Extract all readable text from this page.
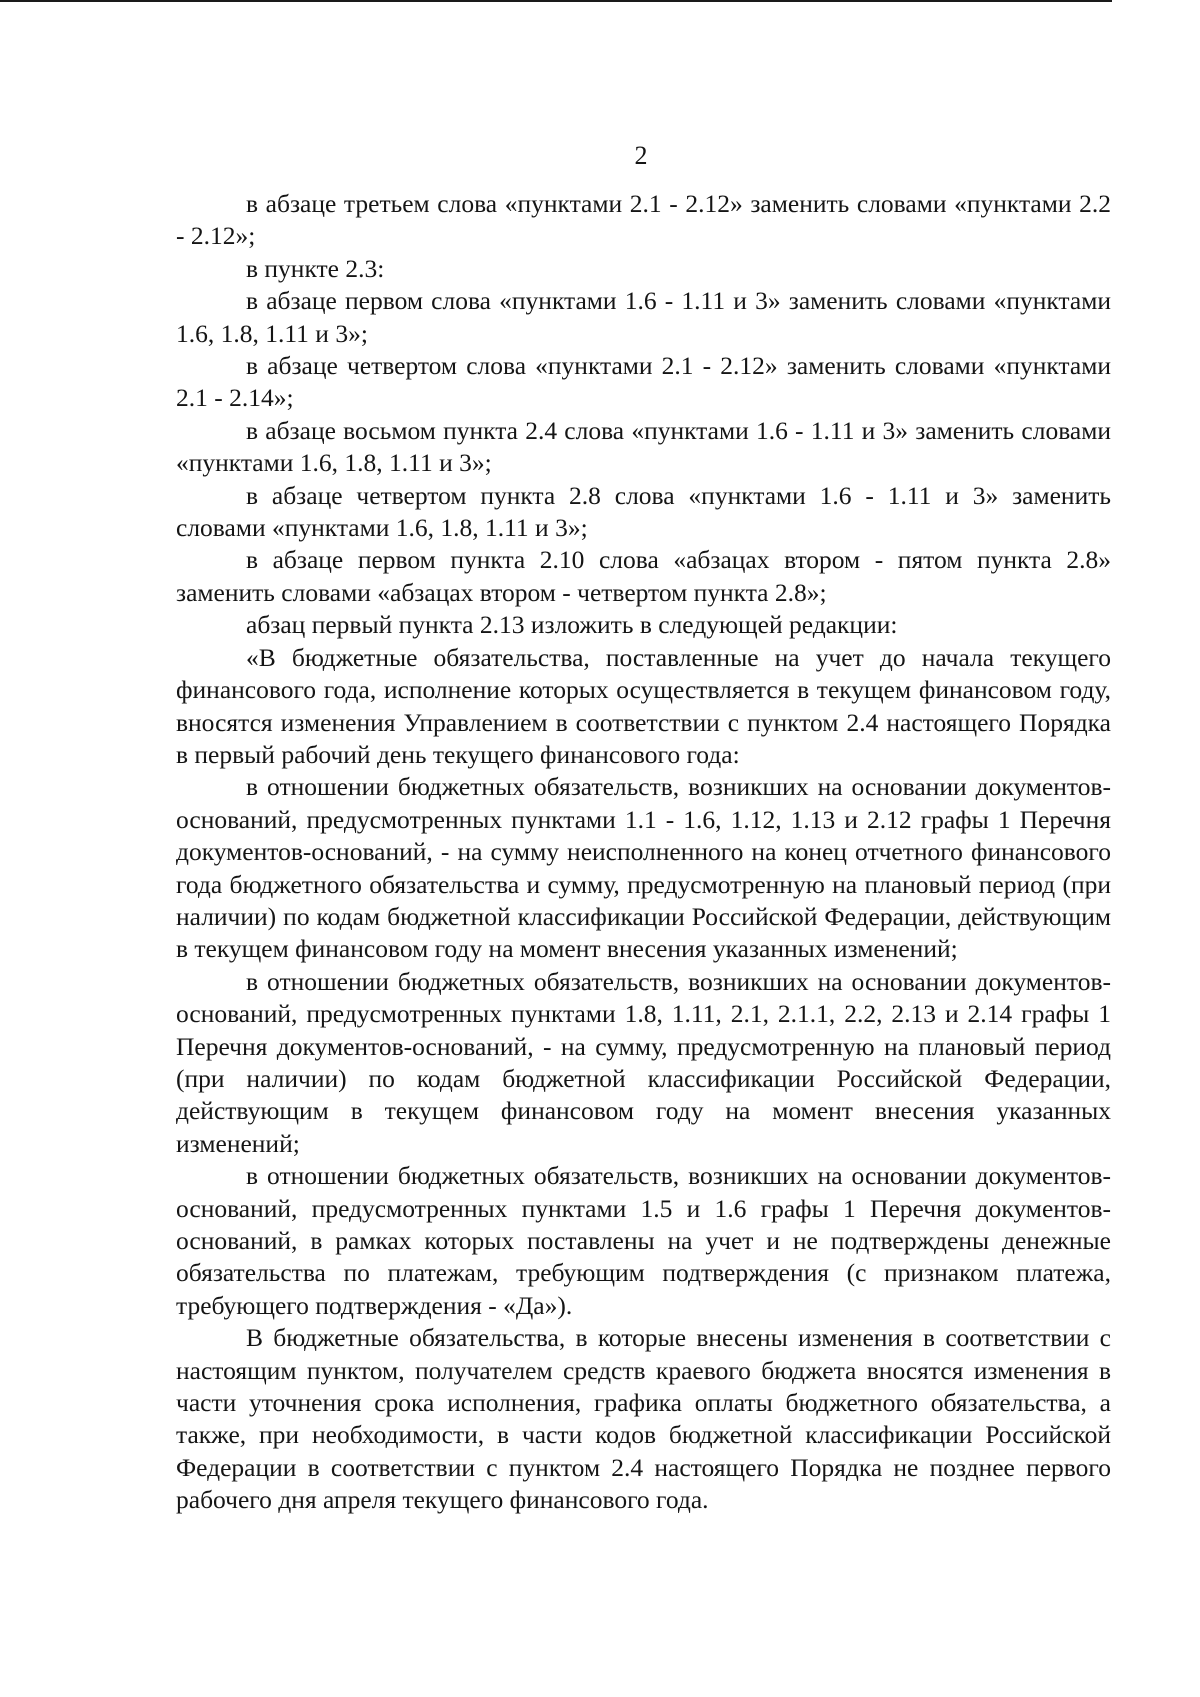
2

в абзаце третьем слова «пунктами 2.1 - 2.12» заменить словами «пунктами 2.2 - 2.12»;

в пункте 2.3:

в абзаце первом слова «пунктами 1.6 - 1.11 и 3» заменить словами «пунктами 1.6, 1.8, 1.11 и 3»;

в абзаце четвертом слова «пунктами 2.1 - 2.12» заменить словами «пунктами 2.1 - 2.14»;

в абзаце восьмом пункта 2.4 слова «пунктами 1.6 - 1.11 и 3» заменить словами «пунктами 1.6, 1.8, 1.11 и 3»;

в абзаце четвертом пункта 2.8 слова «пунктами 1.6 - 1.11 и 3» заменить словами «пунктами 1.6, 1.8, 1.11 и 3»;

в абзаце первом пункта 2.10 слова «абзацах втором - пятом пункта 2.8» заменить словами «абзацах втором - четвертом пункта 2.8»;

абзац первый пункта 2.13 изложить в следующей редакции:

«В бюджетные обязательства, поставленные на учет до начала текущего финансового года, исполнение которых осуществляется в текущем финансовом году, вносятся изменения Управлением в соответствии с пунктом 2.4 настоящего Порядка в первый рабочий день текущего финансового года:

в отношении бюджетных обязательств, возникших на основании документов-оснований, предусмотренных пунктами 1.1 - 1.6, 1.12, 1.13 и 2.12 графы 1 Перечня документов-оснований, - на сумму неисполненного на конец отчетного финансового года бюджетного обязательства и сумму, предусмотренную на плановый период (при наличии) по кодам бюджетной классификации Российской Федерации, действующим в текущем финансовом году на момент внесения указанных изменений;

в отношении бюджетных обязательств, возникших на основании документов-оснований, предусмотренных пунктами 1.8, 1.11, 2.1, 2.1.1, 2.2, 2.13 и 2.14 графы 1 Перечня документов-оснований, - на сумму, предусмотренную на плановый период (при наличии) по кодам бюджетной классификации Российской Федерации, действующим в текущем финансовом году на момент внесения указанных изменений;

в отношении бюджетных обязательств, возникших на основании документов-оснований, предусмотренных пунктами 1.5 и 1.6 графы 1 Перечня документов-оснований, в рамках которых поставлены на учет и не подтверждены денежные обязательства по платежам, требующим подтверждения (с признаком платежа, требующего подтверждения - «Да»).

В бюджетные обязательства, в которые внесены изменения в соответствии с настоящим пунктом, получателем средств краевого бюджета вносятся изменения в части уточнения срока исполнения, графика оплаты бюджетного обязательства, а также, при необходимости, в части кодов бюджетной классификации Российской Федерации в соответствии с пунктом 2.4 настоящего Порядка не позднее первого рабочего дня апреля текущего финансового года.
